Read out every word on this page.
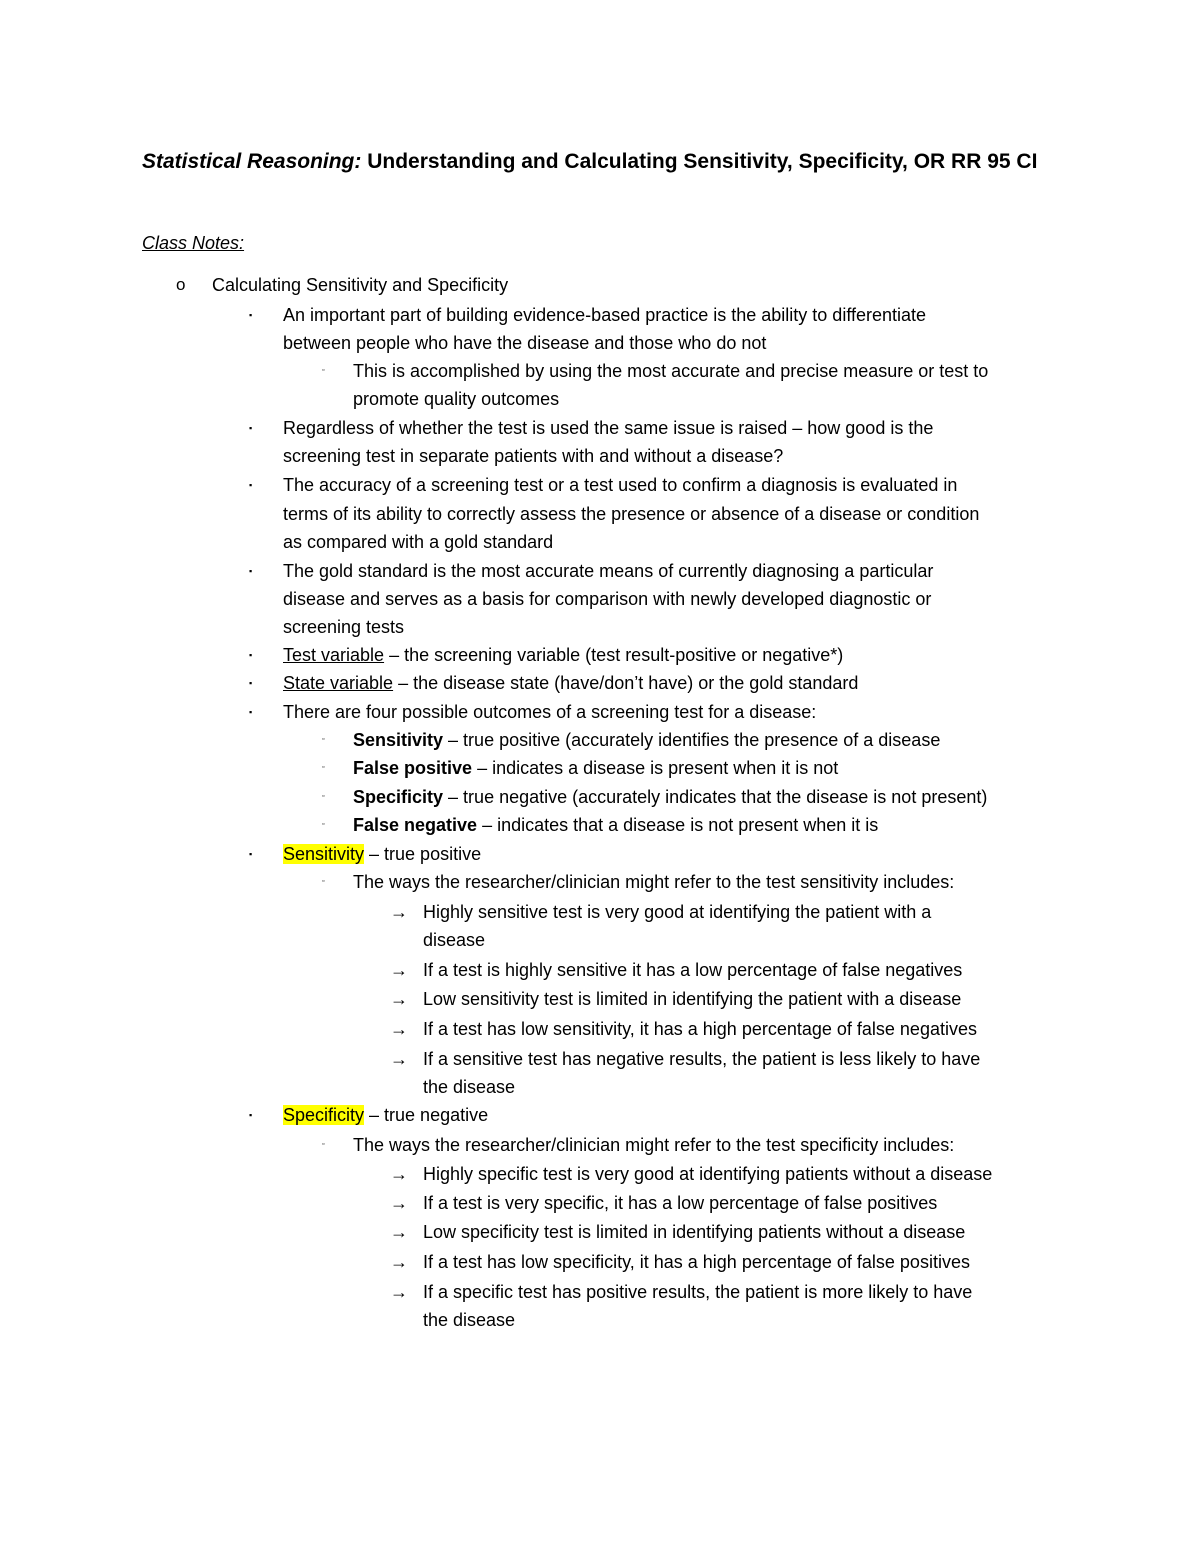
Statistical Reasoning: Understanding and Calculating Sensitivity, Specificity, OR RR 95 CI
Class Notes:
o Calculating Sensitivity and Specificity
▪ An important part of building evidence-based practice is the ability to differentiate
between people who have the disease and those who do not
▫ This is accomplished by using the most accurate and precise measure or test to
promote quality outcomes
▪ Regardless of whether the test is used the same issue is raised – how good is the
screening test in separate patients with and without a disease?
▪ The accuracy of a screening test or a test used to confirm a diagnosis is evaluated in
terms of its ability to correctly assess the presence or absence of a disease or condition
as compared with a gold standard
▪ The gold standard is the most accurate means of currently diagnosing a particular
disease and serves as a basis for comparison with newly developed diagnostic or
screening tests
▪ Test variable – the screening variable (test result-positive or negative*)
▪ State variable – the disease state (have/don’t have) or the gold standard
▪ There are four possible outcomes of a screening test for a disease:
▫ Sensitivity – true positive (accurately identifies the presence of a disease
▫ False positive – indicates a disease is present when it is not
▫ Specificity – true negative (accurately indicates that the disease is not present)
▫ False negative – indicates that a disease is not present when it is
▪ Sensitivity – true positive
▫ The ways the researcher/clinician might refer to the test sensitivity includes:
→ Highly sensitive test is very good at identifying the patient with a
disease
→ If a test is highly sensitive it has a low percentage of false negatives
→ Low sensitivity test is limited in identifying the patient with a disease
→ If a test has low sensitivity, it has a high percentage of false negatives
→ If a sensitive test has negative results, the patient is less likely to have
the disease
▪ Specificity – true negative
▫ The ways the researcher/clinician might refer to the test specificity includes:
→ Highly specific test is very good at identifying patients without a disease
→ If a test is very specific, it has a low percentage of false positives
→ Low specificity test is limited in identifying patients without a disease
→ If a test has low specificity, it has a high percentage of false positives
→ If a specific test has positive results, the patient is more likely to have
the disease
